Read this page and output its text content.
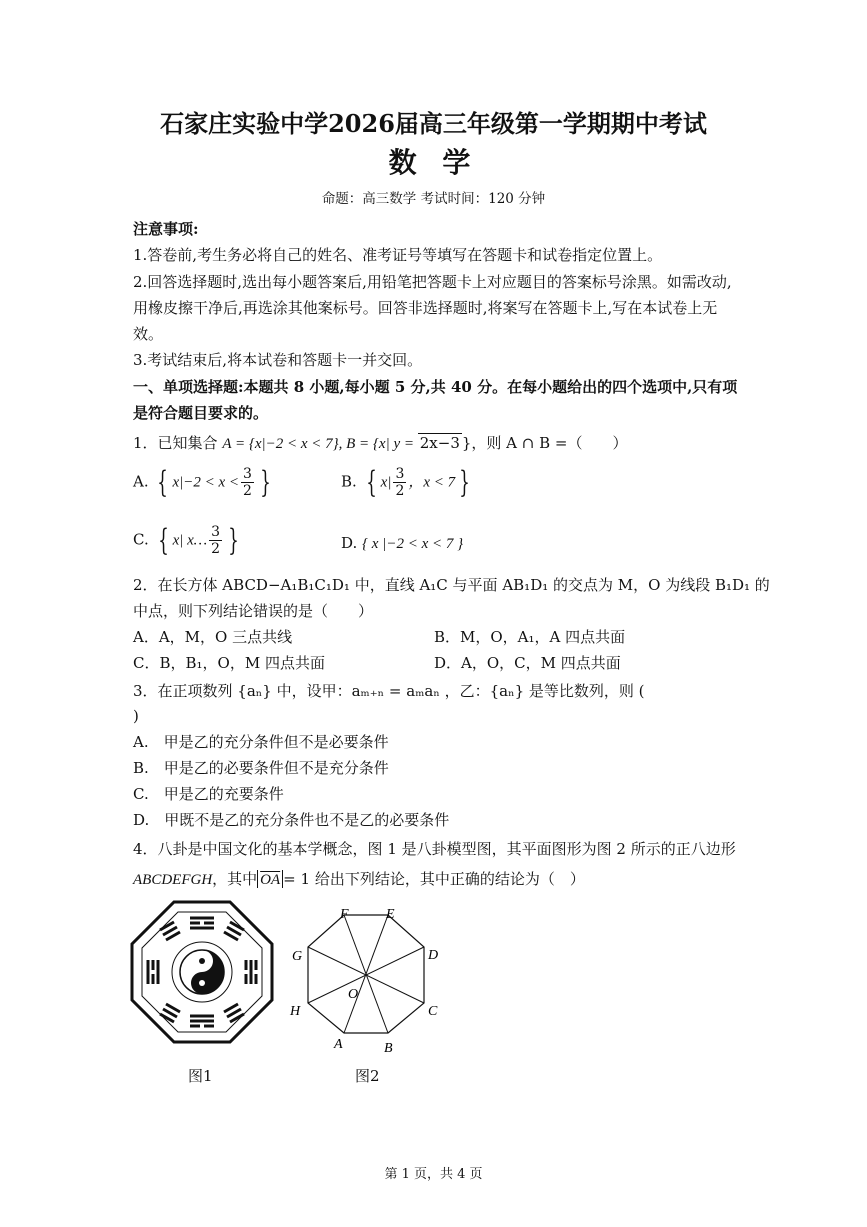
石家庄实验中学2026届高三年级第一学期期中考试
数 学
命题：高三数学 考试时间：120 分钟
注意事项:
1.答卷前,考生务必将自己的姓名、准考证号等填写在答题卡和试卷指定位置上。
2.回答选择题时,选出每小题答案后,用铅笔把答题卡上对应题目的答案标号涂黑。如需改动,
用橡皮擦干净后,再选涂其他案标号。回答非选择题时,将案写在答题卡上,写在本试卷上无
效。
3.考试结束后,将本试卷和答题卡一并交回。
一、单项选择题:本题共 8 小题,每小题 5 分,共 40 分。在每小题给出的四个选项中,只有项
是符合题目要求的。
1．已知集合 A = {x|−2 < x < 7}, B = {x| y = 2x−3 }，则 A ∩ B =（　　）
A. { $x|-2 < x < \frac{3}{2}$ }	B. { $x| \frac{3}{2}$ ，x < 7 }
C. { x| x… $\frac{3}{2}$ }	D. { x |−2 < x < 7 }
2．在长方体 ABCD−A₁B₁C₁D₁ 中，直线 A₁C 与平面 AB₁D₁ 的交点为 M，O 为线段 B₁D₁ 的
中点，则下列结论错误的是（　　）
A．A，M，O 三点共线	B．M，O，A₁，A 四点共面
C．B，B₁，O，M 四点共面	D．A，O，C，M 四点共面
3．在正项数列 {aₙ} 中，设甲：aₘ₊ₙ = aₘaₙ ，乙：{aₙ} 是等比数列，则 (
)
A.　甲是乙的充分条件但不是必要条件
B.　甲是乙的必要条件但不是充分条件
C.　甲是乙的充要条件
D.　甲既不是乙的充分条件也不是乙的必要条件
4．八卦是中国文化的基本学概念，图 1 是八卦模型图，其平面图形为图 2 所示的正八边形
ABCDEFGH，其中 $\overline{OA} = 1$ 给出下列结论，其中正确的结论为（　）
图1
F	E
D
C
B
A
H
G
O
图2
第 1 页，共 4 页
